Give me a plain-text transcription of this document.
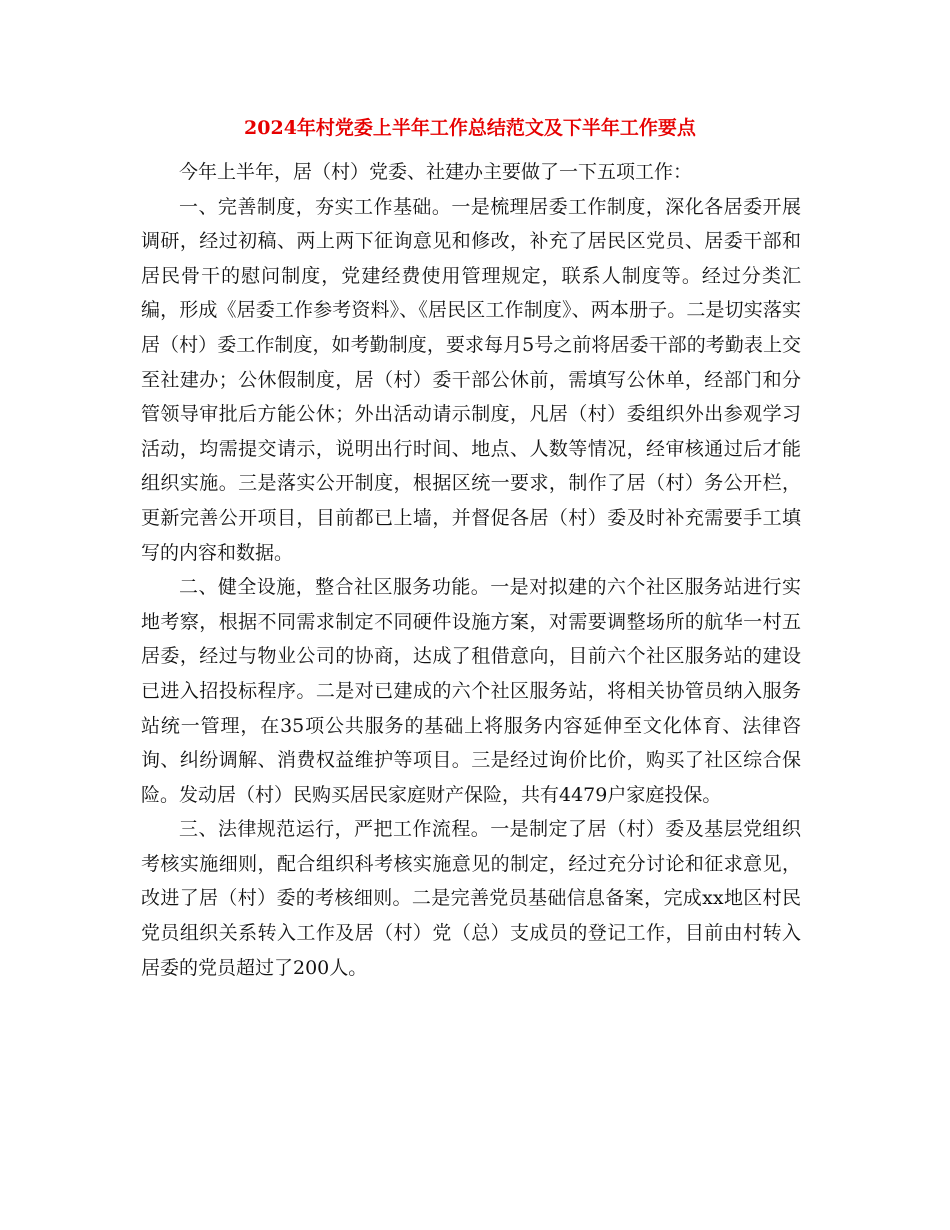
2024年村党委上半年工作总结范文及下半年工作要点

今年上半年，居（村）党委、社建办主要做了一下五项工作：

一、完善制度，夯实工作基础。一是梳理居委工作制度，深化各居委开展调研，经过初稿、两上两下征询意见和修改，补充了居民区党员、居委干部和居民骨干的慰问制度，党建经费使用管理规定，联系人制度等。经过分类汇编，形成《居委工作参考资料》、《居民区工作制度》、两本册子。二是切实落实居（村）委工作制度，如考勤制度，要求每月5号之前将居委干部的考勤表上交至社建办；公休假制度，居（村）委干部公休前，需填写公休单，经部门和分管领导审批后方能公休；外出活动请示制度，凡居（村）委组织外出参观学习活动，均需提交请示，说明出行时间、地点、人数等情况，经审核通过后才能组织实施。三是落实公开制度，根据区统一要求，制作了居（村）务公开栏，更新完善公开项目，目前都已上墙，并督促各居（村）委及时补充需要手工填写的内容和数据。

二、健全设施，整合社区服务功能。一是对拟建的六个社区服务站进行实地考察，根据不同需求制定不同硬件设施方案，对需要调整场所的航华一村五居委，经过与物业公司的协商，达成了租借意向，目前六个社区服务站的建设已进入招投标程序。二是对已建成的六个社区服务站，将相关协管员纳入服务站统一管理，在35项公共服务的基础上将服务内容延伸至文化体育、法律咨询、纠纷调解、消费权益维护等项目。三是经过询价比价，购买了社区综合保险。发动居（村）民购买居民家庭财产保险，共有4479户家庭投保。

三、法律规范运行，严把工作流程。一是制定了居（村）委及基层党组织考核实施细则，配合组织科考核实施意见的制定，经过充分讨论和征求意见，改进了居（村）委的考核细则。二是完善党员基础信息备案，完成xx地区村民党员组织关系转入工作及居（村）党（总）支成员的登记工作，目前由村转入居委的党员超过了200人。
